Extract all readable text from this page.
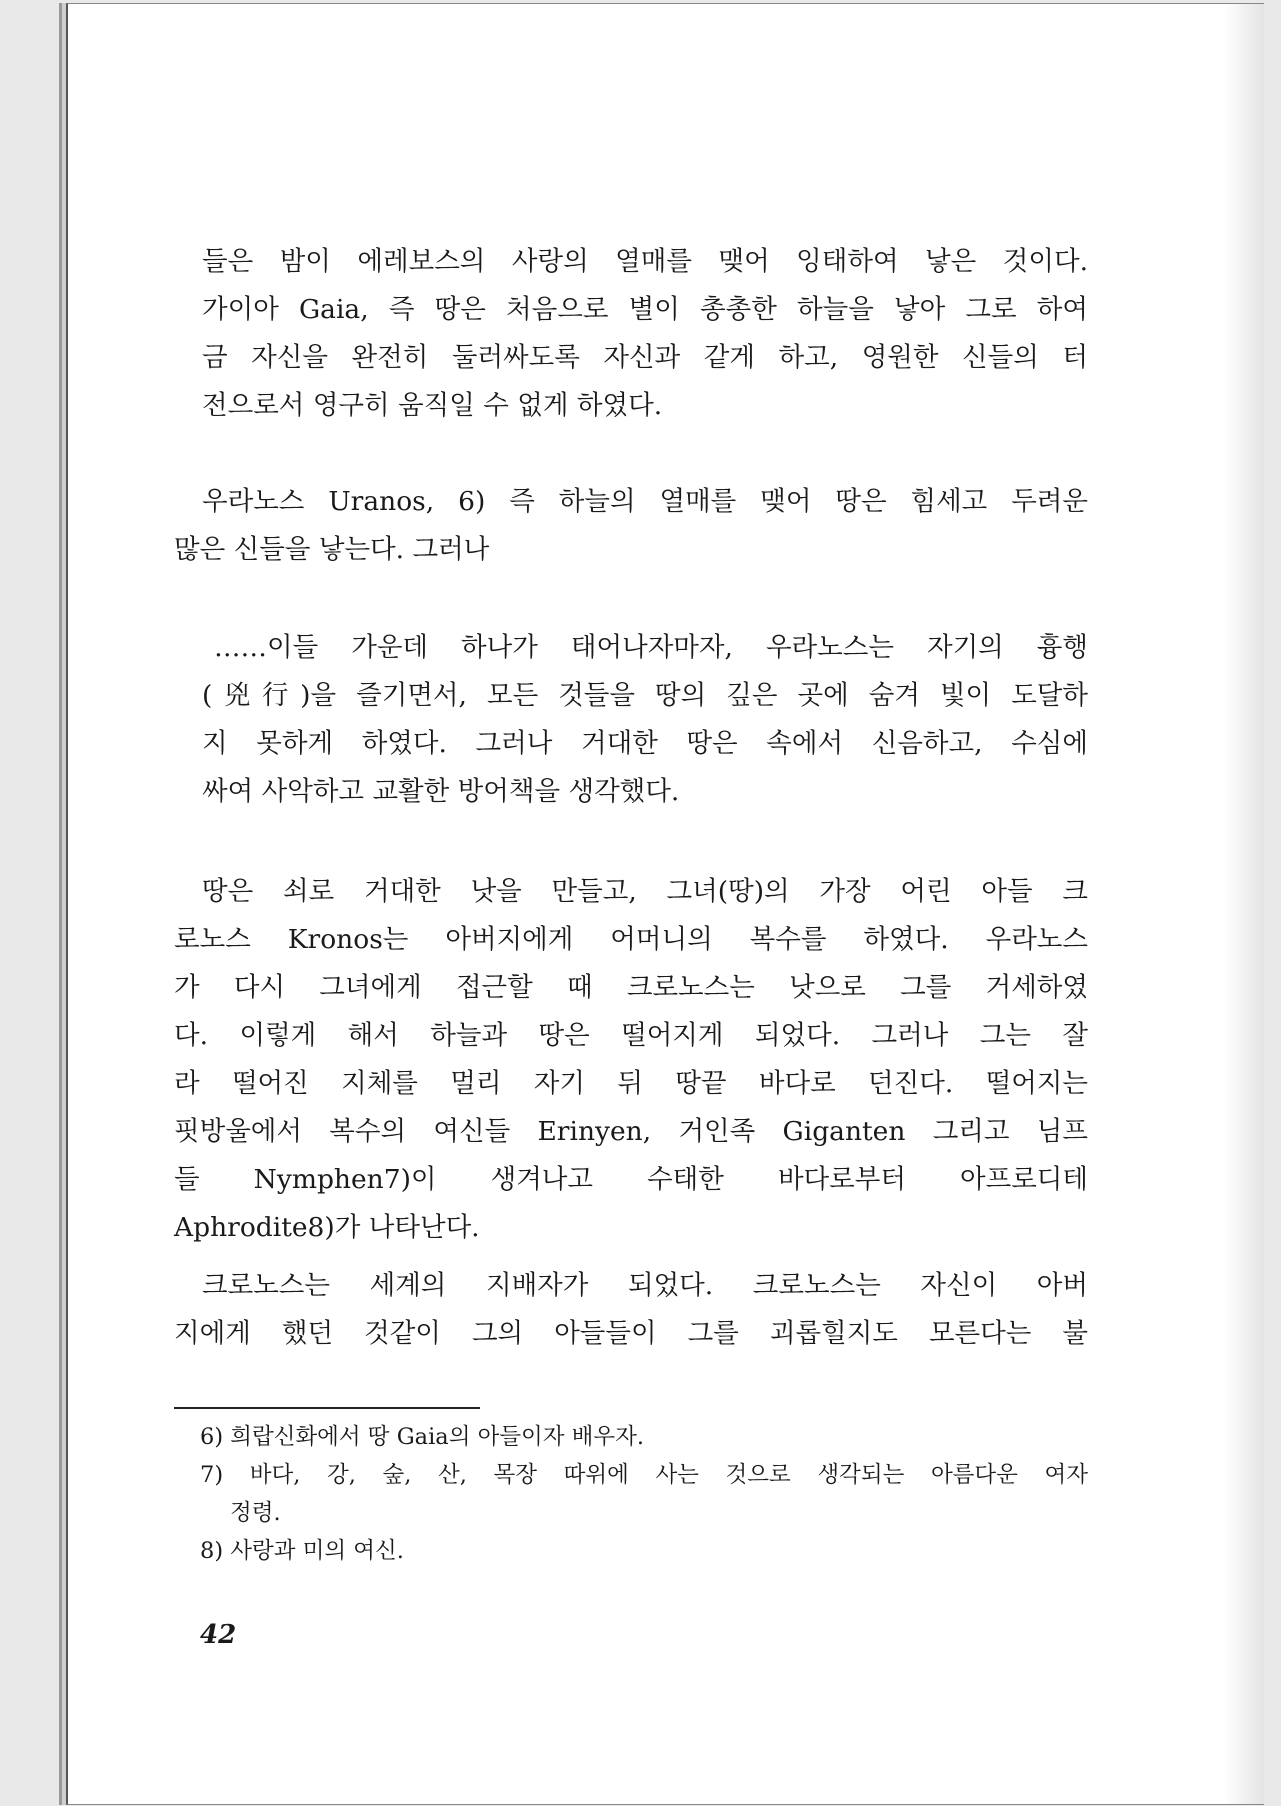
들은 밤이 에레보스의 사랑의 열매를 맺어 잉태하여 낳은 것이다.
가이아 Gaia, 즉 땅은 처음으로 별이 총총한 하늘을 낳아 그로 하여
금 자신을 완전히 둘러싸도록 자신과 같게 하고, 영원한 신들의 터
전으로서 영구히 움직일 수 없게 하였다.
우라노스 Uranos, 6) 즉 하늘의 열매를 맺어 땅은 힘세고 두려운
많은 신들을 낳는다. 그러나
……이들 가운데 하나가 태어나자마자, 우라노스는 자기의 흉행
(兇行)을 즐기면서, 모든 것들을 땅의 깊은 곳에 숨겨 빛이 도달하
지 못하게 하였다. 그러나 거대한 땅은 속에서 신음하고, 수심에
싸여 사악하고 교활한 방어책을 생각했다.
땅은 쇠로 거대한 낫을 만들고, 그녀(땅)의 가장 어린 아들 크
로노스 Kronos는 아버지에게 어머니의 복수를 하였다. 우라노스
가 다시 그녀에게 접근할 때 크로노스는 낫으로 그를 거세하였
다. 이렇게 해서 하늘과 땅은 떨어지게 되었다. 그러나 그는 잘
라 떨어진 지체를 멀리 자기 뒤 땅끝 바다로 던진다. 떨어지는
핏방울에서 복수의 여신들 Erinyen, 거인족 Giganten 그리고 님프
들 Nymphen7)이 생겨나고 수태한 바다로부터 아프로디테
Aphrodite8)가 나타난다.
크로노스는 세계의 지배자가 되었다. 크로노스는 자신이 아버
지에게 했던 것같이 그의 아들들이 그를 괴롭힐지도 모른다는 불
6) 희랍신화에서 땅 Gaia의 아들이자 배우자.
7) 바다, 강, 숲, 산, 목장 따위에 사는 것으로 생각되는 아름다운 여자
정령.
8) 사랑과 미의 여신.
42
